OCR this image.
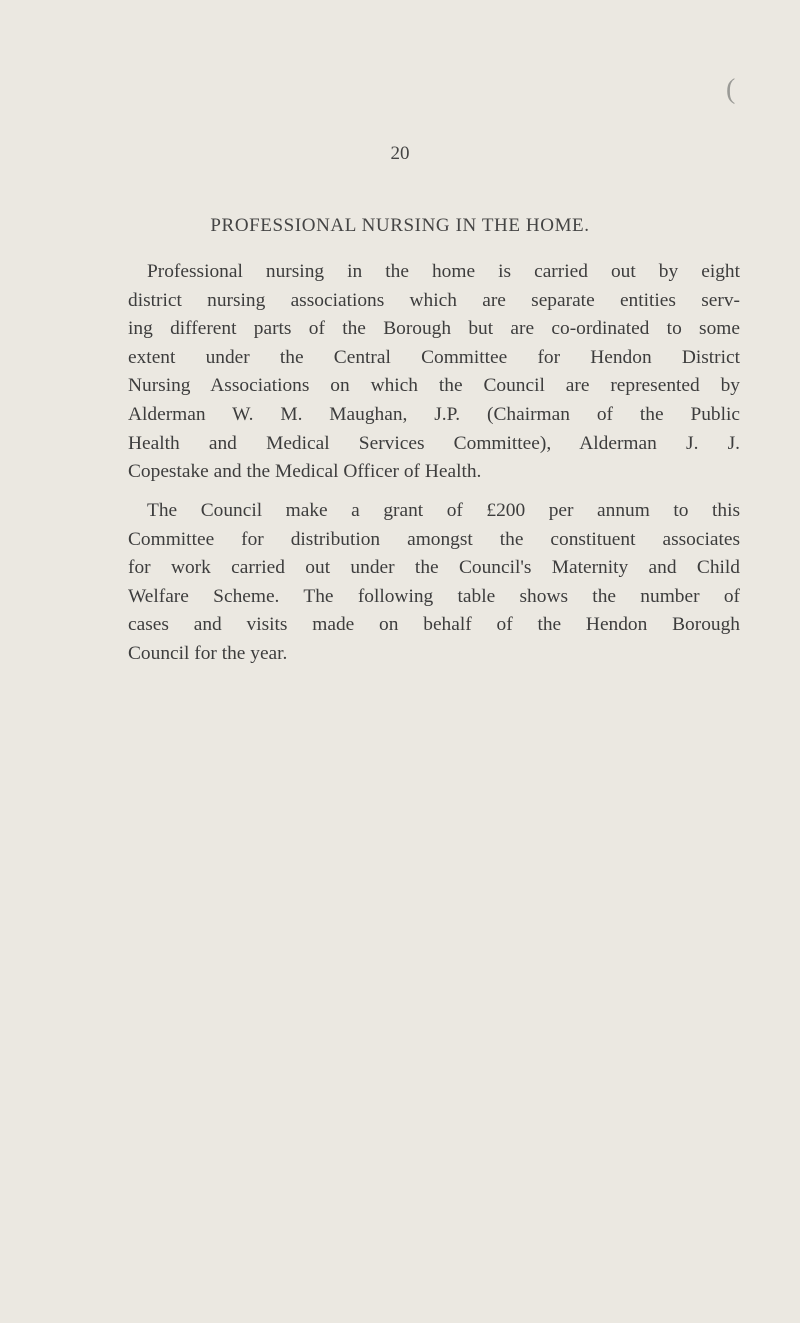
(
20
PROFESSIONAL NURSING IN THE HOME.
Professional nursing in the home is carried out by eight
district nursing associations which are separate entities serv-
ing different parts of the Borough but are co-ordinated to some
extent under the Central Committee for Hendon District
Nursing Associations on which the Council are represented by
Alderman W. M. Maughan, J.P. (Chairman of the Public
Health and Medical Services Committee), Alderman J. J.
Copestake and the Medical Officer of Health.
The Council make a grant of £200 per annum to this
Committee for distribution amongst the constituent associates
for work carried out under the Council's Maternity and Child
Welfare Scheme. The following table shows the number of
cases and visits made on behalf of the Hendon Borough
Council for the year.
